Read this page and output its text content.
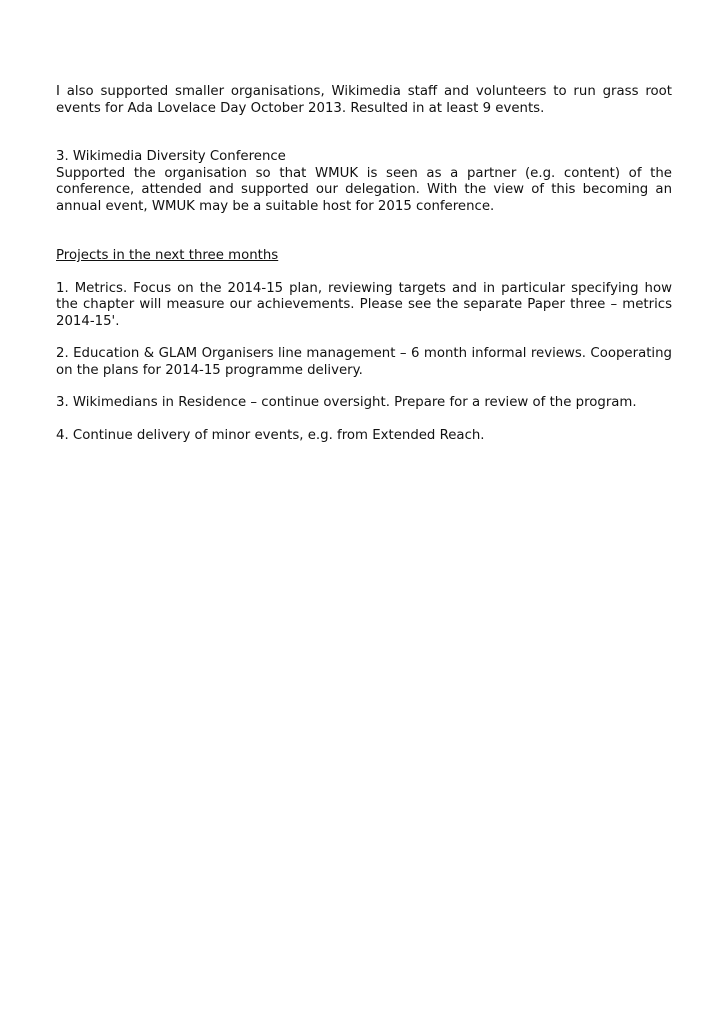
I also supported smaller organisations, Wikimedia staff and volunteers to run grass root events for Ada Lovelace Day October 2013. Resulted in at least 9 events.

3. Wikimedia Diversity Conference

Supported the organisation so that WMUK is seen as a partner (e.g. content) of the conference, attended and supported our delegation. With the view of this becoming an annual event, WMUK may be a suitable host for 2015 conference.

Projects in the next three months

1. Metrics. Focus on the 2014-15 plan, reviewing targets and in particular specifying how the chapter will measure our achievements. Please see the separate Paper three – metrics 2014-15'.

2. Education & GLAM Organisers line management – 6 month informal reviews. Cooperating on the plans for 2014-15 programme delivery.

3. Wikimedians in Residence – continue oversight. Prepare for a review of the program.

4. Continue delivery of minor events, e.g. from Extended Reach.
